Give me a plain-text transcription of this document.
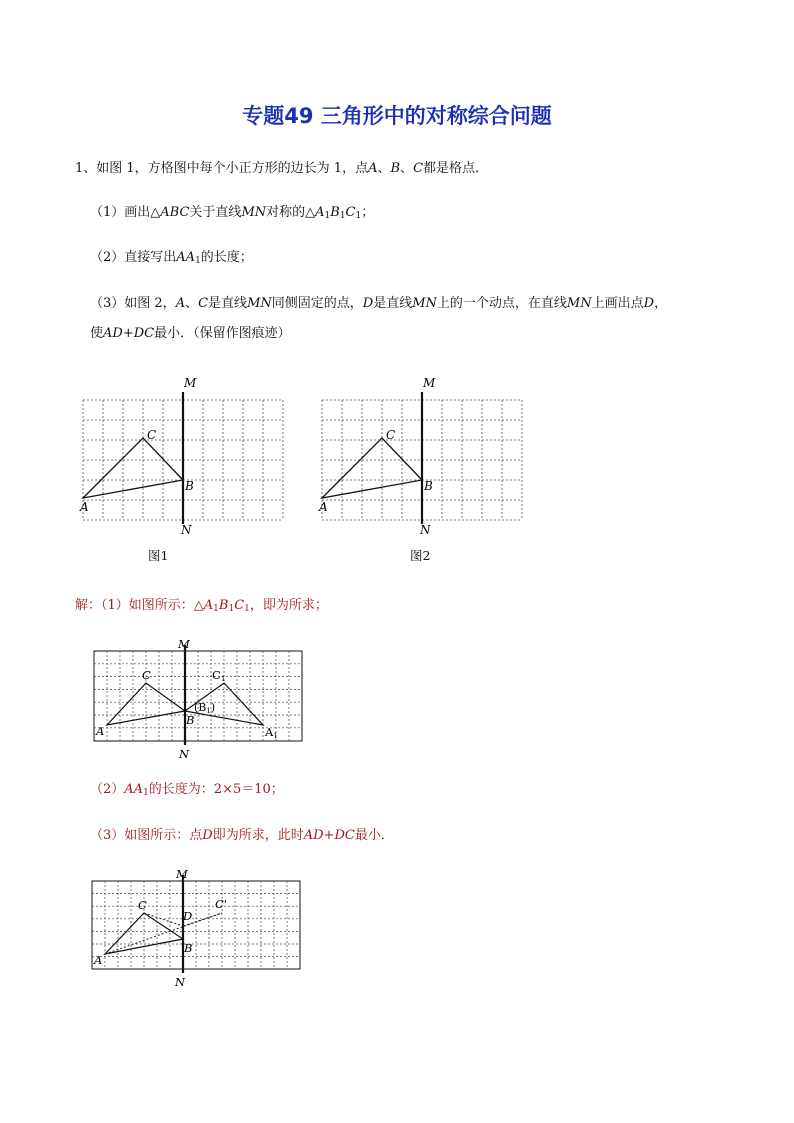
专题49 三角形中的对称综合问题
1、如图 1，方格图中每个小正方形的边长为 1，点A、B、C都是格点．
（1）画出△ABC关于直线MN对称的$\triangle A_1B_1C_1$；
（2）直接写出$AA_1$的长度；
（3）如图 2，A、C是直线MN同侧固定的点，D是直线MN上的一个动点，在直线MN上画出点D，
使AD+DC最小．（保留作图痕迹）
M
N
A
B
C
图1
M
N
A
B
C
图2
解：（1）如图所示：$\triangle A_1B_1C_1$，即为所求；
M
N
A
B
C	C1
(B1)
A1
$(2)AA_1$的长度为：2×5＝10；
（3）如图所示：点D即为所求，此时AD+DC最小．
M
N
A
B
C
D
C'
